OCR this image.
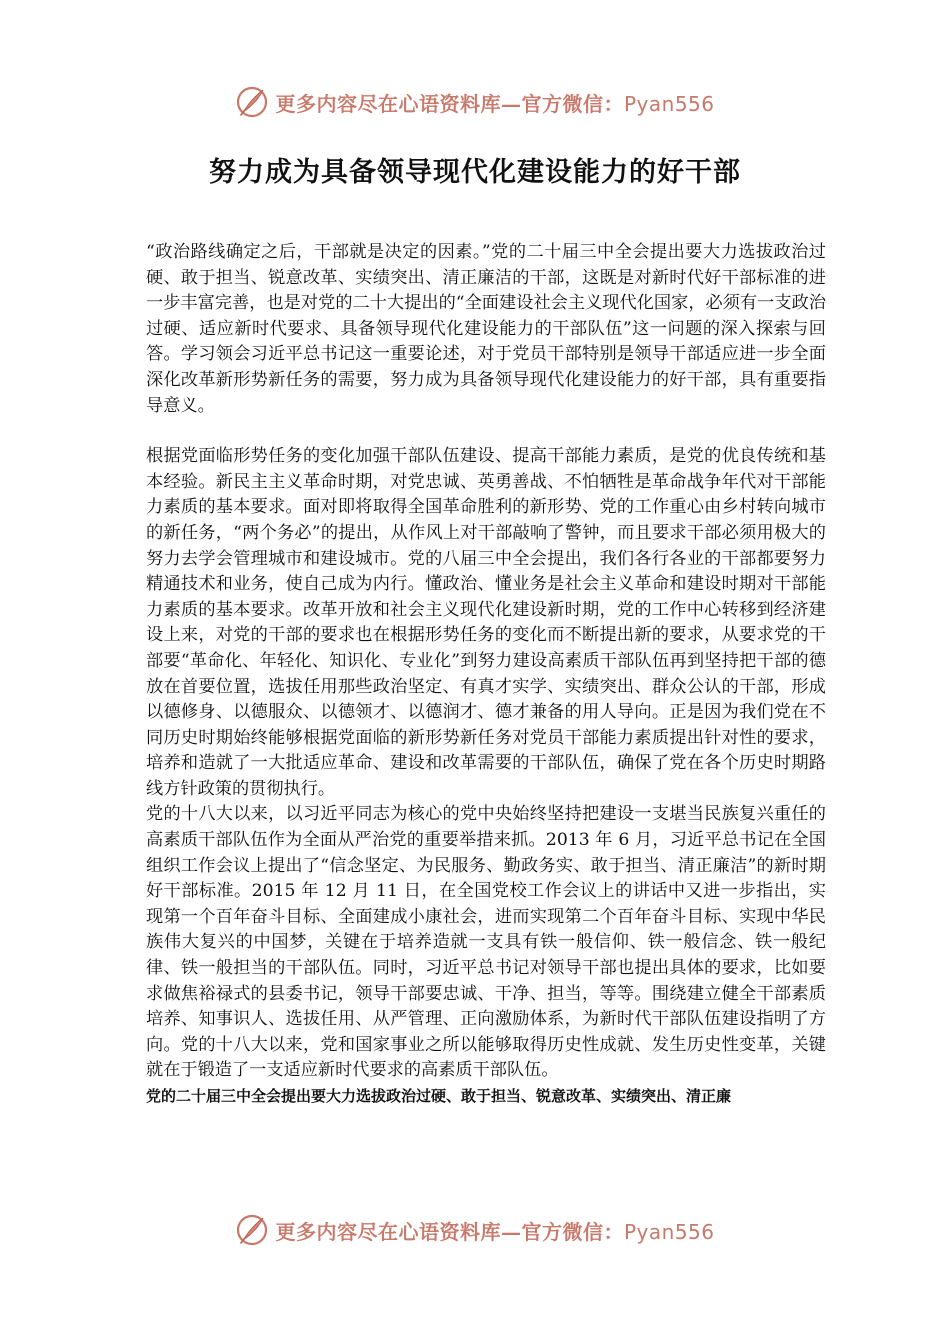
更多内容尽在心语资料库—官方微信：Pyan556
努力成为具备领导现代化建设能力的好干部

“政治路线确定之后，干部就是决定的因素。”党的二十届三中全会提出要大力选拔政治过硬、敢于担当、锐意改革、实绩突出、清正廉洁的干部，这既是对新时代好干部标准的进一步丰富完善，也是对党的二十大提出的“全面建设社会主义现代化国家，必须有一支政治过硬、适应新时代要求、具备领导现代化建设能力的干部队伍”这一问题的深入探索与回答。学习领会习近平总书记这一重要论述，对于党员干部特别是领导干部适应进一步全面深化改革新形势新任务的需要，努力成为具备领导现代化建设能力的好干部，具有重要指导意义。

根据党面临形势任务的变化加强干部队伍建设、提高干部能力素质，是党的优良传统和基本经验。新民主主义革命时期，对党忠诚、英勇善战、不怕牺牲是革命战争年代对干部能力素质的基本要求。面对即将取得全国革命胜利的新形势、党的工作重心由乡村转向城市的新任务，“两个务必”的提出，从作风上对干部敲响了警钟，而且要求干部必须用极大的努力去学会管理城市和建设城市。党的八届三中全会提出，我们各行各业的干部都要努力精通技术和业务，使自己成为内行。懂政治、懂业务是社会主义革命和建设时期对干部能力素质的基本要求。改革开放和社会主义现代化建设新时期，党的工作中心转移到经济建设上来，对党的干部的要求也在根据形势任务的变化而不断提出新的要求，从要求党的干部要“革命化、年轻化、知识化、专业化”到努力建设高素质干部队伍再到坚持把干部的德放在首要位置，选拔任用那些政治坚定、有真才实学、实绩突出、群众公认的干部，形成以德修身、以德服众、以德领才、以德润才、德才兼备的用人导向。正是因为我们党在不同历史时期始终能够根据党面临的新形势新任务对党员干部能力素质提出针对性的要求，培养和造就了一大批适应革命、建设和改革需要的干部队伍，确保了党在各个历史时期路线方针政策的贯彻执行。

党的十八大以来，以习近平同志为核心的党中央始终坚持把建设一支堪当民族复兴重任的高素质干部队伍作为全面从严治党的重要举措来抓。2013 年 6 月，习近平总书记在全国组织工作会议上提出了“信念坚定、为民服务、勤政务实、敢于担当、清正廉洁”的新时期好干部标准。2015 年 12 月 11 日，在全国党校工作会议上的讲话中又进一步指出，实现第一个百年奋斗目标、全面建成小康社会，进而实现第二个百年奋斗目标、实现中华民族伟大复兴的中国梦，关键在于培养造就一支具有铁一般信仰、铁一般信念、铁一般纪律、铁一般担当的干部队伍。同时，习近平总书记对领导干部也提出具体的要求，比如要求做焦裕禄式的县委书记，领导干部要忠诚、干净、担当，等等。围绕建立健全干部素质培养、知事识人、选拔任用、从严管理、正向激励体系，为新时代干部队伍建设指明了方向。党的十八大以来，党和国家事业之所以能够取得历史性成就、发生历史性变革，关键就在于锻造了一支适应新时代要求的高素质干部队伍。

党的二十届三中全会提出要大力选拔政治过硬、敢于担当、锐意改革、实绩突出、清正廉

更多内容尽在心语资料库—官方微信：Pyan556
